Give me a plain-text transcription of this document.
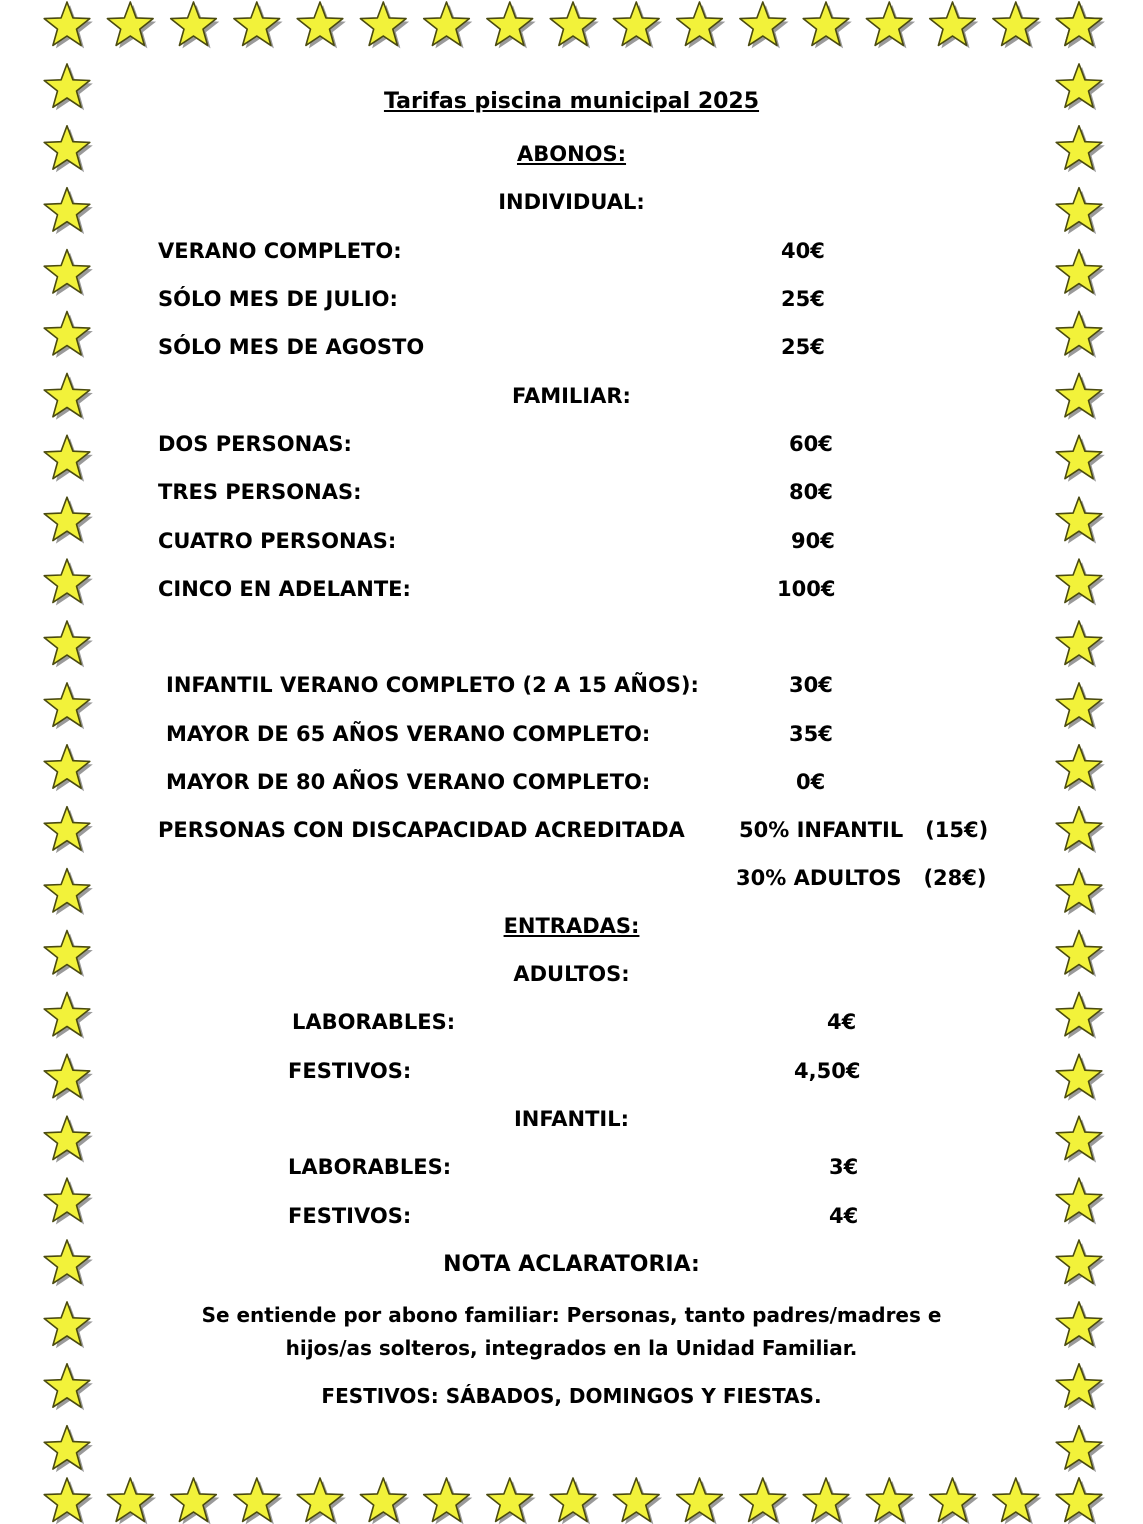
Tarifas piscina municipal 2025

ABONOS:

INDIVIDUAL:

VERANO COMPLETO:	40€

SÓLO MES DE JULIO:	25€

SÓLO MES DE AGOSTO	25€

FAMILIAR:

DOS PERSONAS:	60€

TRES PERSONAS:	80€

CUATRO PERSONAS:	90€

CINCO EN ADELANTE:	100€

INFANTIL VERANO COMPLETO (2 A 15 AÑOS):	30€

MAYOR DE 65 AÑOS VERANO COMPLETO:	35€

MAYOR DE 80 AÑOS VERANO COMPLETO:	0€

PERSONAS CON DISCAPACIDAD ACREDITADA	50% INFANTIL   (15€)

30% ADULTOS   (28€)

ENTRADAS:

ADULTOS:

LABORABLES:	4€

FESTIVOS:	4,50€

INFANTIL:

LABORABLES:	3€

FESTIVOS:	4€

NOTA ACLARATORIA:

Se entiende por abono familiar: Personas, tanto padres/madres e

hijos/as solteros, integrados en la Unidad Familiar.

FESTIVOS: SÁBADOS, DOMINGOS Y FIESTAS.
